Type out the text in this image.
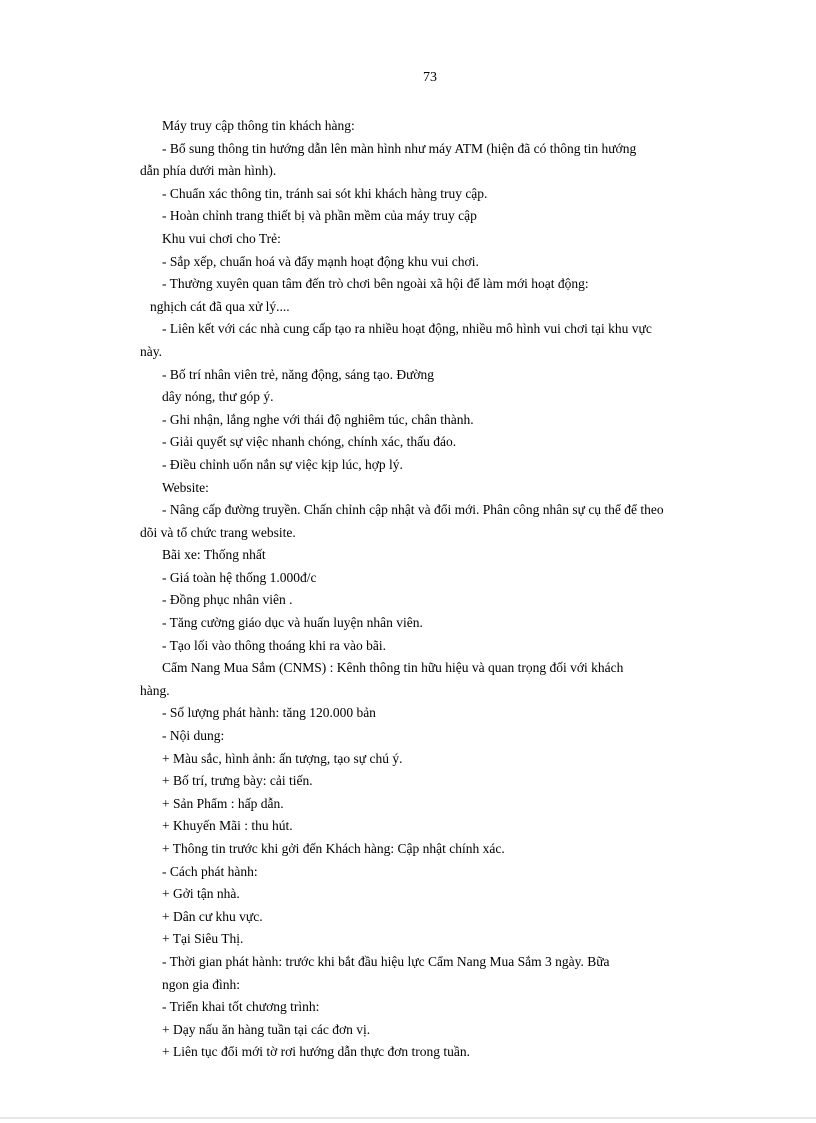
73
Máy truy cập thông tin khách hàng:
- Bổ sung thông tin hướng dẫn lên màn hình như máy ATM (hiện đã có thông tin hướng
dẫn phía dưới màn hình).
- Chuẩn xác thông tin, tránh sai sót khi khách hàng truy cập.
- Hoàn chỉnh trang thiết bị và phần mềm của máy truy cập
Khu vui chơi cho Trẻ:
- Sắp xếp, chuẩn hoá và đẩy mạnh hoạt động khu vui chơi.
- Thường xuyên quan tâm đến trò chơi bên ngoài xã hội để làm mới hoạt động:
nghịch cát đã qua xử lý....
- Liên kết với các nhà cung cấp tạo ra nhiều hoạt động, nhiều mô hình vui chơi tại khu vực
này.
- Bố trí nhân viên trẻ, năng động, sáng tạo. Đường
dây nóng, thư góp ý.
- Ghi nhận, lắng nghe với thái độ nghiêm túc, chân thành.
- Giải quyết sự việc nhanh chóng, chính xác, thấu đáo.
- Điều chỉnh uốn nắn sự việc kịp lúc, hợp lý.
Website:
- Nâng cấp đường truyền. Chấn chỉnh cập nhật và đổi mới. Phân công nhân sự cụ thể để theo
dõi và tổ chức trang website.
Bãi xe: Thống nhất
- Giá toàn hệ thống 1.000đ/c
- Đồng phục nhân viên .
- Tăng cường giáo dục và huấn luyện nhân viên.
- Tạo lối vào thông thoáng khi ra vào bãi.
Cẩm Nang Mua Sắm (CNMS) : Kênh thông tin hữu hiệu và quan trọng đối với khách
hàng.
- Số lượng phát hành: tăng 120.000 bản
- Nội dung:
+ Màu sắc, hình ảnh: ấn tượng, tạo sự chú ý.
+ Bố trí, trưng bày: cải tiến.
+ Sản Phẩm : hấp dẫn.
+ Khuyến Mãi : thu hút.
+ Thông tin trước khi gởi đến Khách hàng: Cập nhật chính xác.
- Cách phát hành:
+ Gởi tận nhà.
+ Dân cư khu vực.
+ Tại Siêu Thị.
- Thời gian phát hành: trước khi bắt đầu hiệu lực Cẩm Nang Mua Sắm 3 ngày. Bữa
ngon gia đình:
- Triển khai tốt chương trình:
+ Dạy nấu ăn hàng tuần tại các đơn vị.
+ Liên tục đổi mới tờ rơi hướng dẫn thực đơn trong tuần.
